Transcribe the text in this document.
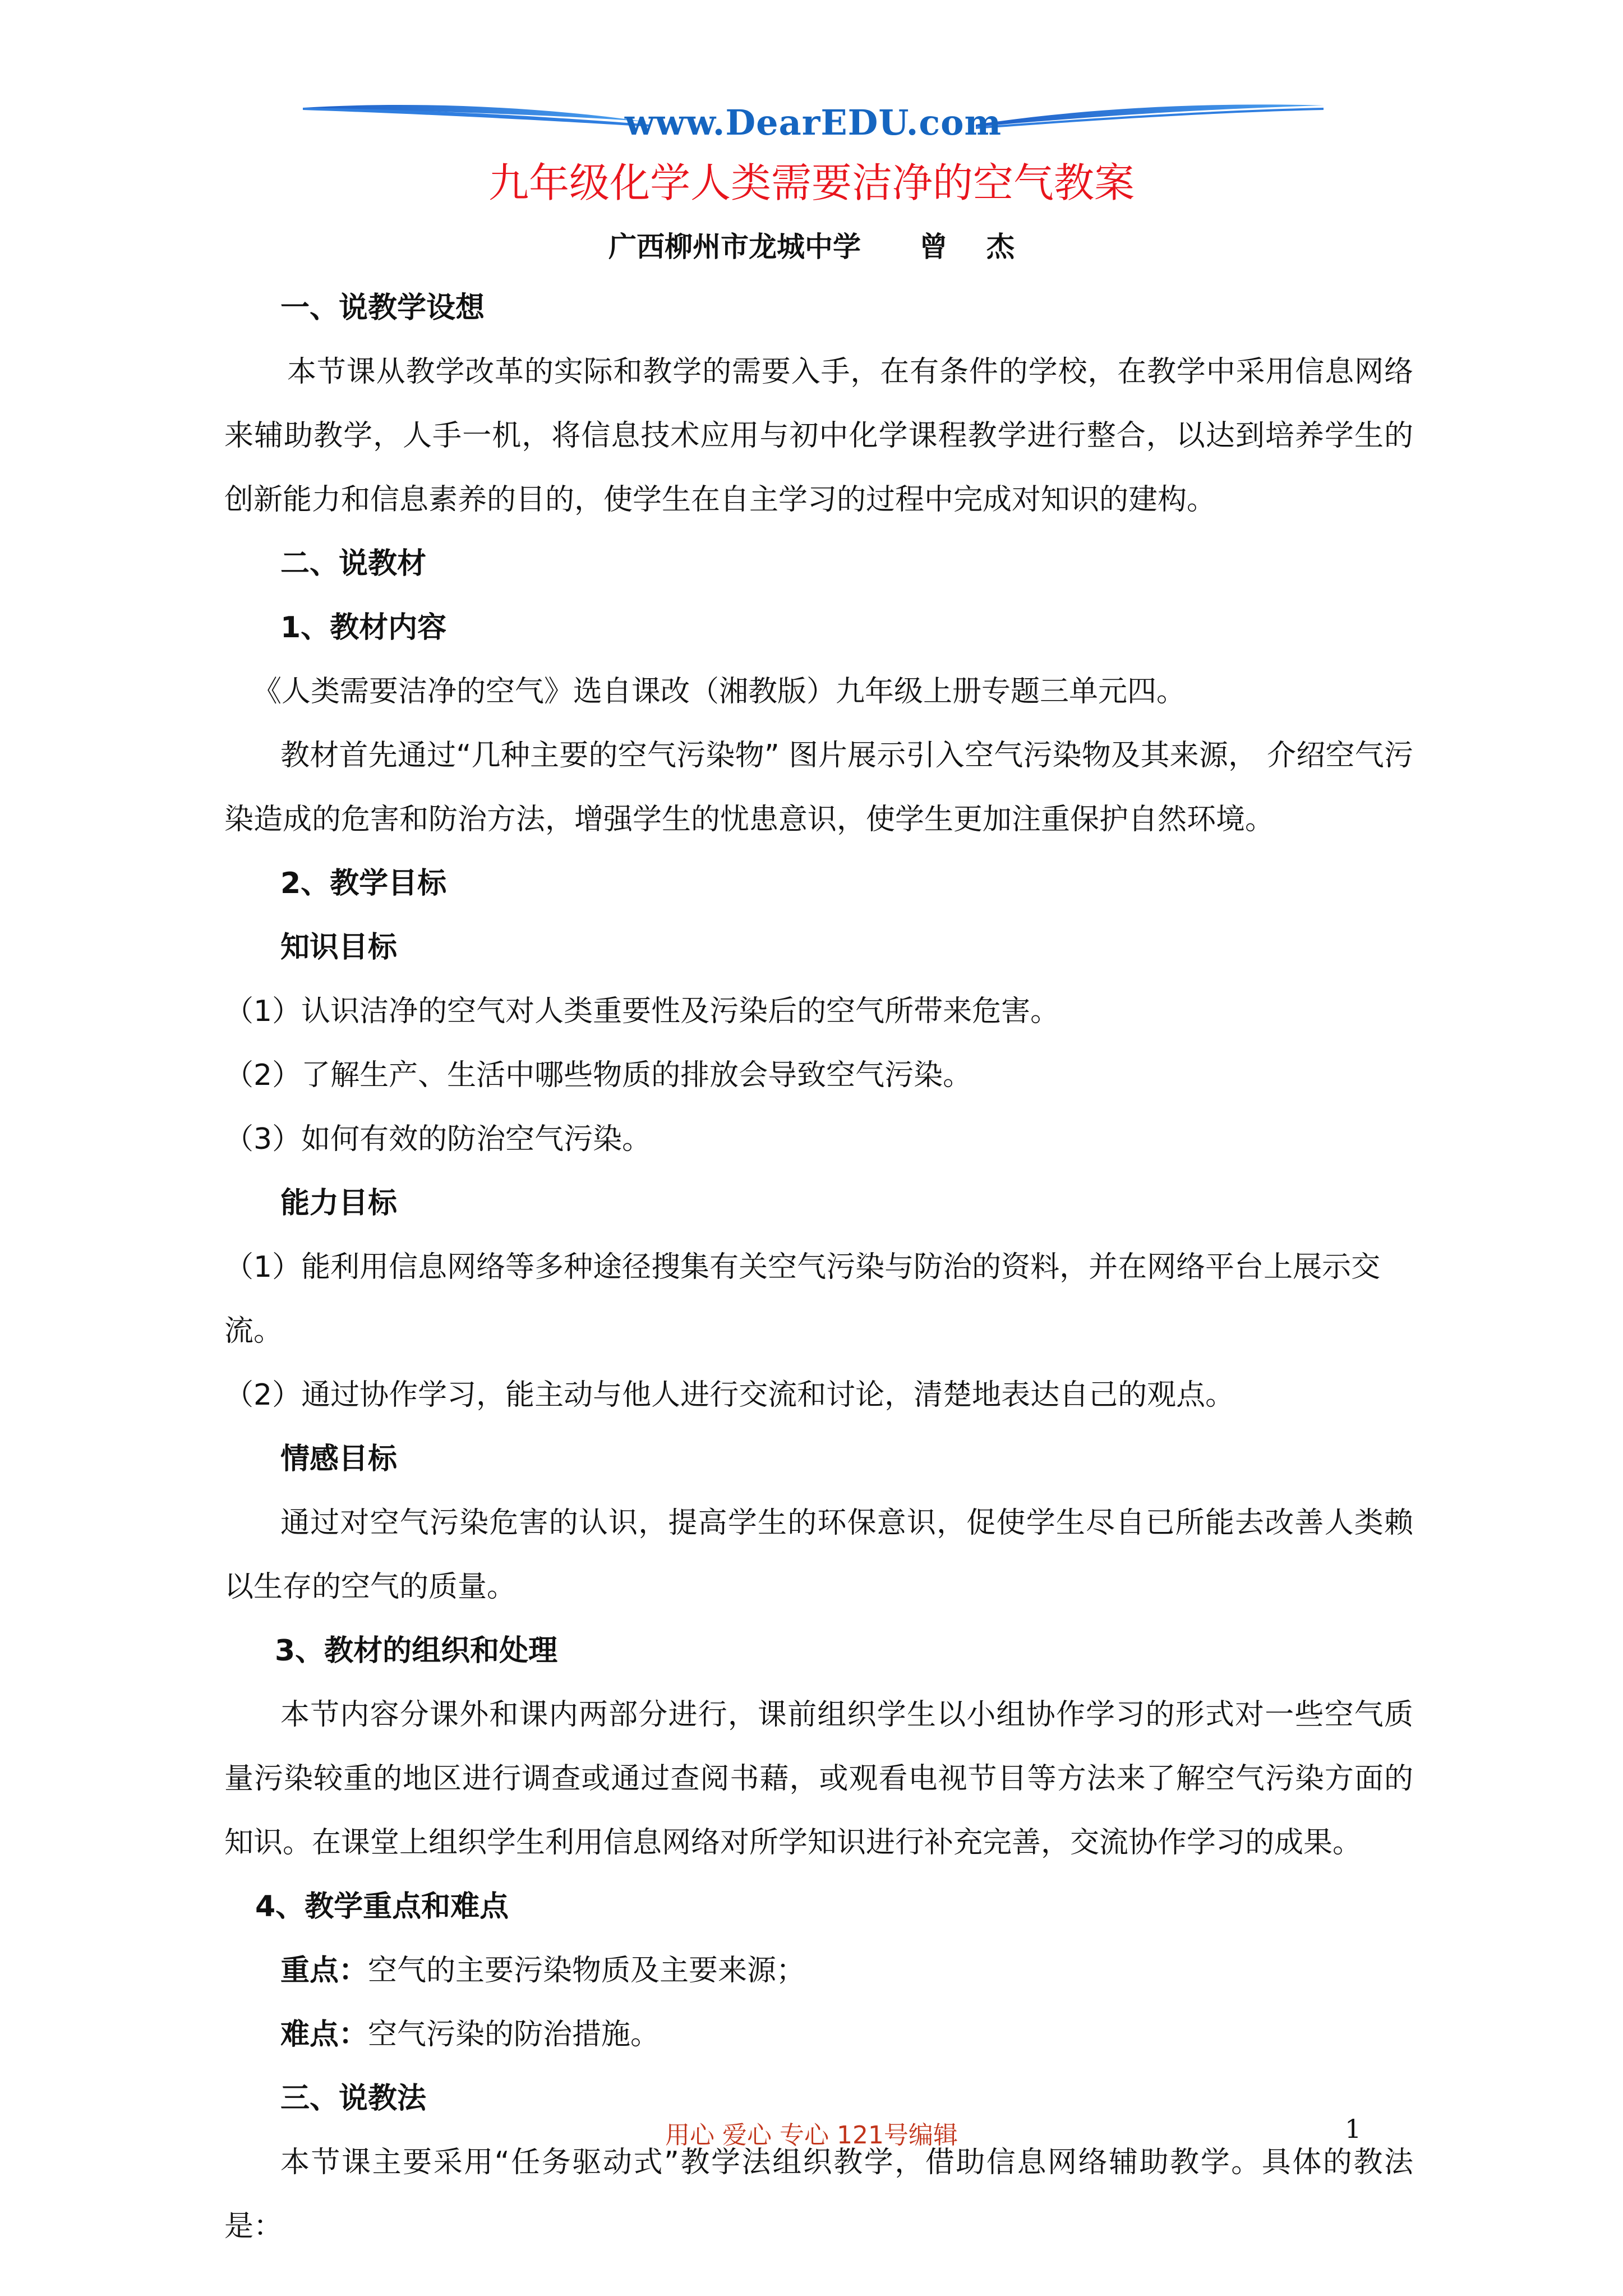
www.DearEDU.com
九年级化学人类需要洁净的空气教案
广西柳州市龙城中学      曾    杰

一、说教学设想

本节课从教学改革的实际和教学的需要入手，在有条件的学校，在教学中采用信息网络来辅助教学，人手一机，将信息技术应用与初中化学课程教学进行整合，以达到培养学生的创新能力和信息素养的目的，使学生在自主学习的过程中完成对知识的建构。

二、说教材

1、教材内容

《人类需要洁净的空气》选自课改（湘教版）九年级上册专题三单元四。

教材首先通过“几种主要的空气污染物” 图片展示引入空气污染物及其来源， 介绍空气污染造成的危害和防治方法，增强学生的忧患意识，使学生更加注重保护自然环境。

2、教学目标

知识目标

（1）认识洁净的空气对人类重要性及污染后的空气所带来危害。

（2）了解生产、生活中哪些物质的排放会导致空气污染。

（3）如何有效的防治空气污染。

能力目标

（1）能利用信息网络等多种途径搜集有关空气污染与防治的资料，并在网络平台上展示交流。

（2）通过协作学习，能主动与他人进行交流和讨论，清楚地表达自己的观点。

情感目标

通过对空气污染危害的认识，提高学生的环保意识，促使学生尽自已所能去改善人类赖以生存的空气的质量。

3、教材的组织和处理

本节内容分课外和课内两部分进行，课前组织学生以小组协作学习的形式对一些空气质量污染较重的地区进行调查或通过查阅书藉，或观看电视节目等方法来了解空气污染方面的知识。在课堂上组织学生利用信息网络对所学知识进行补充完善，交流协作学习的成果。

4、教学重点和难点

重点：空气的主要污染物质及主要来源；

难点：空气污染的防治措施。

三、说教法

本节课主要采用“任务驱动式”教学法组织教学，借助信息网络辅助教学。具体的教法是：

用心 爱心 专心 121号编辑	1
